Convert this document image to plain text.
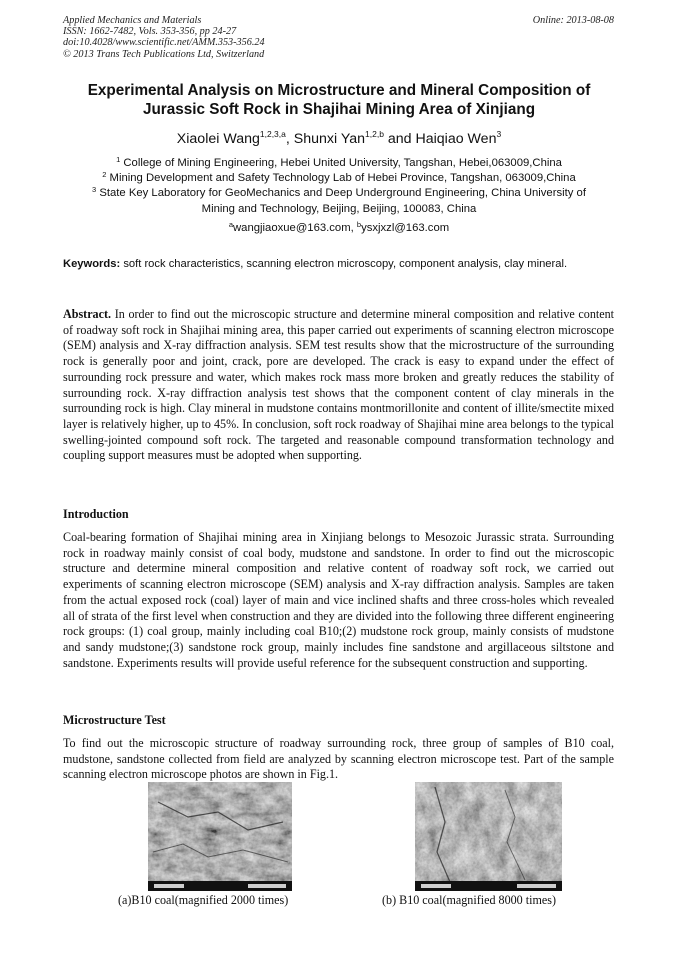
Applied Mechanics and Materials
ISSN: 1662-7482, Vols. 353-356, pp 24-27
doi:10.4028/www.scientific.net/AMM.353-356.24
© 2013 Trans Tech Publications Ltd, Switzerland
Online: 2013-08-08
Experimental Analysis on Microstructure and Mineral Composition of
Jurassic Soft Rock in Shajihai Mining Area of Xinjiang
Xiaolei Wang$^{1,2,3,a}$, Shunxi Yan$^{1,2,b}$ and Haiqiao Wen$^3$
$^1$ College of Mining Engineering, Hebei United University, Tangshan, Hebei,063009,China
$^2$ Mining Development and Safety Technology Lab of Hebei Province, Tangshan, 063009,China
$^3$ State Key Laboratory for GeoMechanics and Deep Underground Engineering, China University of
Mining and Technology, Beijing, Beijing, 100083, China
$^a$wangjiaoxue@163.com, $^b$ysxjxzl@163.com
Keywords: soft rock characteristics, scanning electron microscopy, component analysis, clay mineral.
Abstract. In order to find out the microscopic structure and determine mineral composition and relative content of roadway soft rock in Shajihai mining area, this paper carried out experiments of scanning electron microscope (SEM) analysis and X-ray diffraction analysis. SEM test results show that the microstructure of the surrounding rock is generally poor and joint, crack, pore are developed. The crack is easy to expand under the effect of surrounding rock pressure and water, which makes rock mass more broken and greatly reduces the stability of surrounding rock. X-ray diffraction analysis test shows that the component content of clay minerals in the surrounding rock is high. Clay mineral in mudstone contains montmorillonite and content of illite/smectite mixed layer is relatively higher, up to 45%. In conclusion, soft rock roadway of Shajihai mine area belongs to the typical swelling-jointed compound soft rock. The targeted and reasonable compound transformation technology and coupling support measures must be adopted when supporting.
Introduction
Coal-bearing formation of Shajihai mining area in Xinjiang belongs to Mesozoic Jurassic strata. Surrounding rock in roadway mainly consist of coal body, mudstone and sandstone. In order to find out the microscopic structure and determine mineral composition and relative content of roadway soft rock, we carried out experiments of scanning electron microscope (SEM) analysis and X-ray diffraction analysis. Samples are taken from the actual exposed rock (coal) layer of main and vice inclined shafts and three cross-holes which revealed all of strata of the first level when construction and they are divided into the following three different engineering rock groups: (1) coal group, mainly including coal B10;(2) mudstone rock group, mainly consists of mudstone and sandy mudstone;(3) sandstone rock group, mainly includes fine sandstone and argillaceous siltstone and sandstone. Experiments results will provide useful reference for the subsequent construction and supporting.
Microstructure Test
To find out the microscopic structure of roadway surrounding rock, three group of samples of B10 coal, mudstone, sandstone collected from field are analyzed by scanning electron microscope test. Part of the sample scanning electron microscope photos are shown in Fig.1.
(a)B10 coal(magnified 2000 times)	(b) B10 coal(magnified 8000 times)
